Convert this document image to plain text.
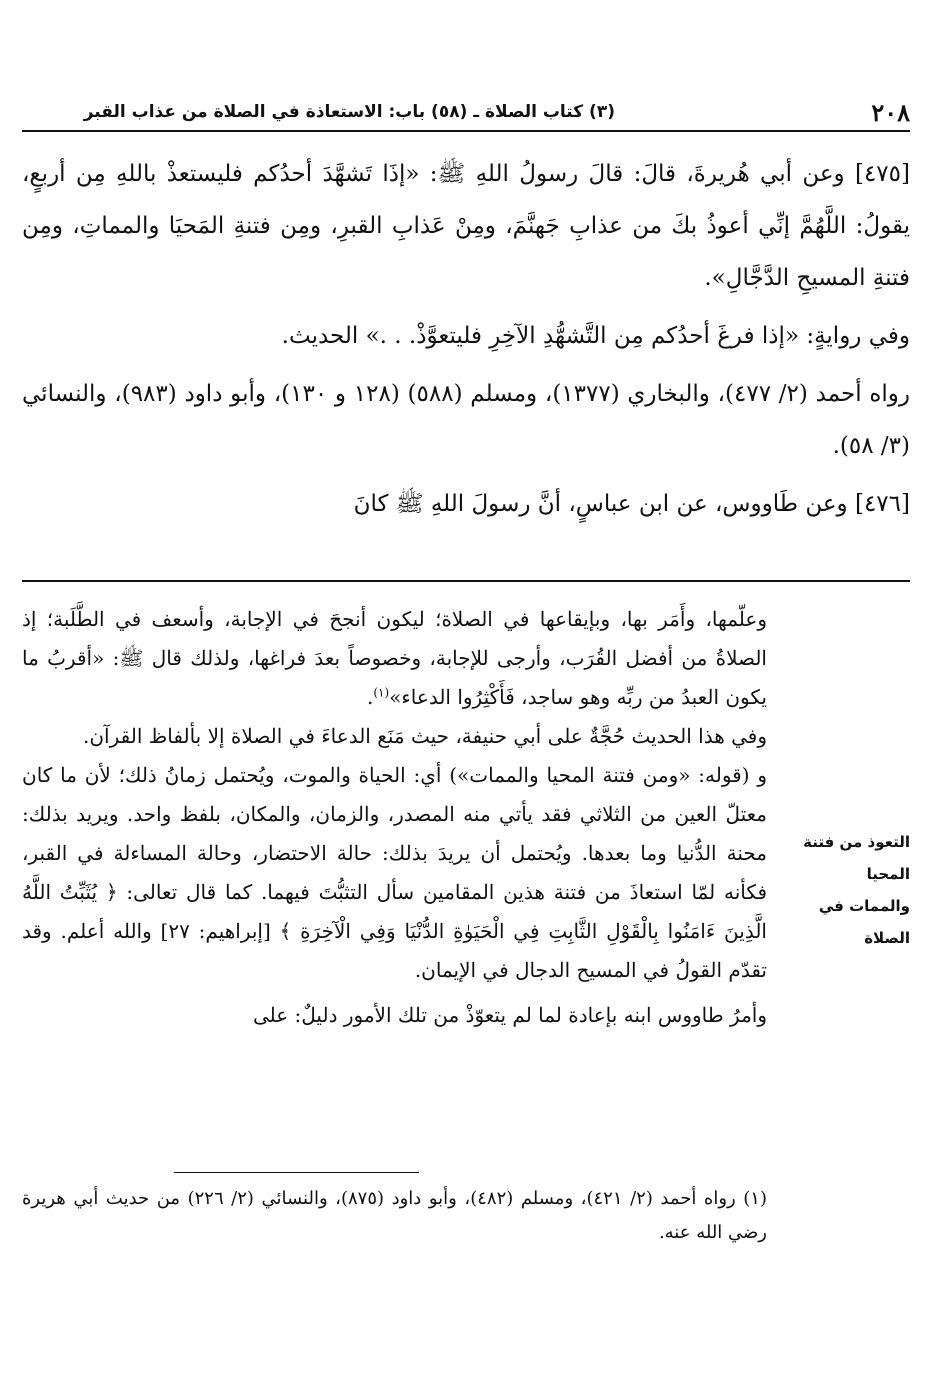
٢٠٨
(٣) كتاب الصلاة ـ (٥٨) باب: الاستعاذة في الصلاة من عذاب القبر

[٤٧٥] وعن أبي هُريرةَ، قالَ: قالَ رسولُ اللهِ ﷺ: «إذَا تَشهَّدَ أحدُكم فليستعذْ باللهِ مِن أربعٍ، يقولُ: اللَّهُمَّ إنِّي أعوذُ بكَ من عذابِ جَهنَّمَ، ومِنْ عَذابِ القبرِ، ومِن فتنةِ المَحيَا والمماتِ، ومِن فتنةِ المسيحِ الدَّجَّالِ».

وفي روايةٍ: «إذا فرغَ أحدُكم مِن التَّشهُّدِ الآخِرِ فليتعوَّذْ. . .» الحديث.

رواه أحمد (٢/ ٤٧٧)، والبخاري (١٣٧٧)، ومسلم (٥٨٨) (١٢٨ و ١٣٠)، وأبو داود (٩٨٣)، والنسائي (٣/ ٥٨).

[٤٧٦] وعن طَاووس، عن ابن عباسٍ، أنَّ رسولَ اللهِ ﷺ كانَ

وعلّمها، وأَمَر بها، وبإيقاعها في الصلاة؛ ليكون أنجحَ في الإجابة، وأسعف في الطَّلَبة؛ إذ الصلاةُ من أفضل القُرَب، وأرجى للإجابة، وخصوصاً بعدَ فراغها، ولذلك قال ﷺ: «أقربُ ما يكون العبدُ من ربِّه وهو ساجد، فَأَكْثِرُوا الدعاء»$^{(١)}$.

وفي هذا الحديث حُجَّةٌ على أبي حنيفة، حيث مَنَع الدعاءَ في الصلاة إلا بألفاظ القرآن.

و (قوله: «ومن فتنة المحيا والممات») أي: الحياة والموت، ويُحتمل زمانُ ذلك؛ لأن ما كان معتلّ العين من الثلاثي فقد يأتي منه المصدر، والزمان، والمكان، بلفظ واحد. ويريد بذلك: محنة الدُّنيا وما بعدها. ويُحتمل أن يريدَ بذلك: حالة الاحتضار، وحالة المساءلة في القبر، فكأنه لمّا استعاذَ من فتنة هذين المقامين سأل التثبُّتَ فيهما. كما قال تعالى: ﴿ يُثَبِّتُ اللَّهُ الَّذِينَ ءَامَنُوا بِالْقَوْلِ الثَّابِتِ فِي الْحَيَوٰةِ الدُّنْيَا وَفِي الْآخِرَةِ ﴾ [إبراهيم: ٢٧] والله أعلم. وقد تقدّم القولُ في المسيح الدجال في الإيمان.

وأمرُ طاووس ابنه بإعادة لما لم يتعوّذْ من تلك الأمور دليلٌ: على

التعوذ من فتنة
المحيا
والممات في
الصلاة

(١) رواه أحمد (٢/ ٤٢١)، ومسلم (٤٨٢)، وأبو داود (٨٧٥)، والنسائي (٢/ ٢٢٦) من حديث أبي هريرة رضي الله عنه.
